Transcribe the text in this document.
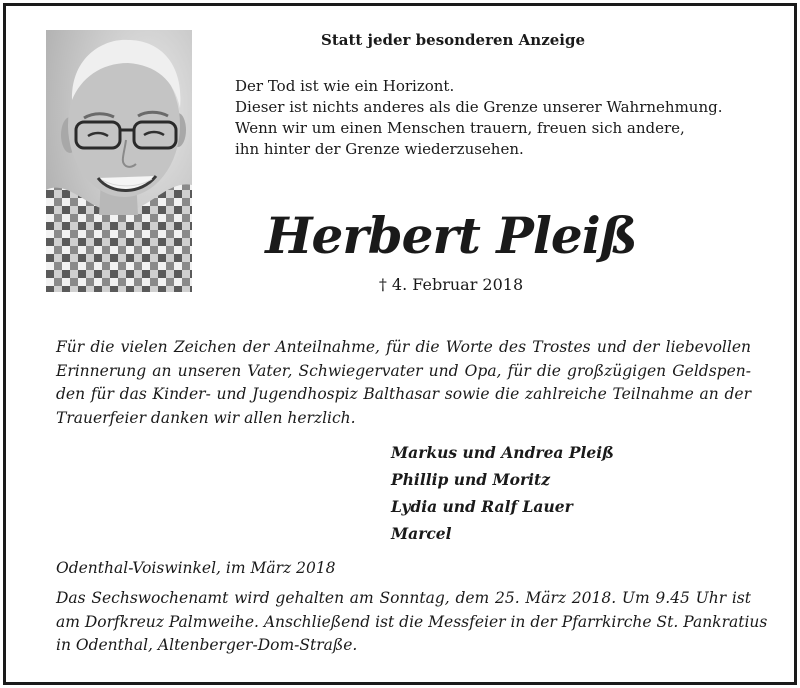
Statt jeder besonderen Anzeige
Der Tod ist wie ein Horizont.
Dieser ist nichts anderes als die Grenze unserer Wahrnehmung.
Wenn wir um einen Menschen trauern, freuen sich andere,
ihn hinter der Grenze wiederzusehen.
Herbert Pleiß
† 4. Februar 2018
Für die vielen Zeichen der Anteilnahme, für die Worte des Trostes und der liebevollen
Erinnerung an unseren Vater, Schwiegervater und Opa, für die großzügigen Geldspen-
den für das Kinder- und Jugendhospiz Balthasar sowie die zahlreiche Teilnahme an der
Trauerfeier danken wir allen herzlich.
Markus und Andrea Pleiß
Phillip und Moritz
Lydia und Ralf Lauer
Marcel
Odenthal-Voiswinkel, im März 2018
Das Sechswochenamt wird gehalten am Sonntag, dem 25. März 2018. Um 9.45 Uhr ist
am Dorfkreuz Palmweihe. Anschließend ist die Messfeier in der Pfarrkirche St. Pankratius
in Odenthal, Altenberger-Dom-Straße.
